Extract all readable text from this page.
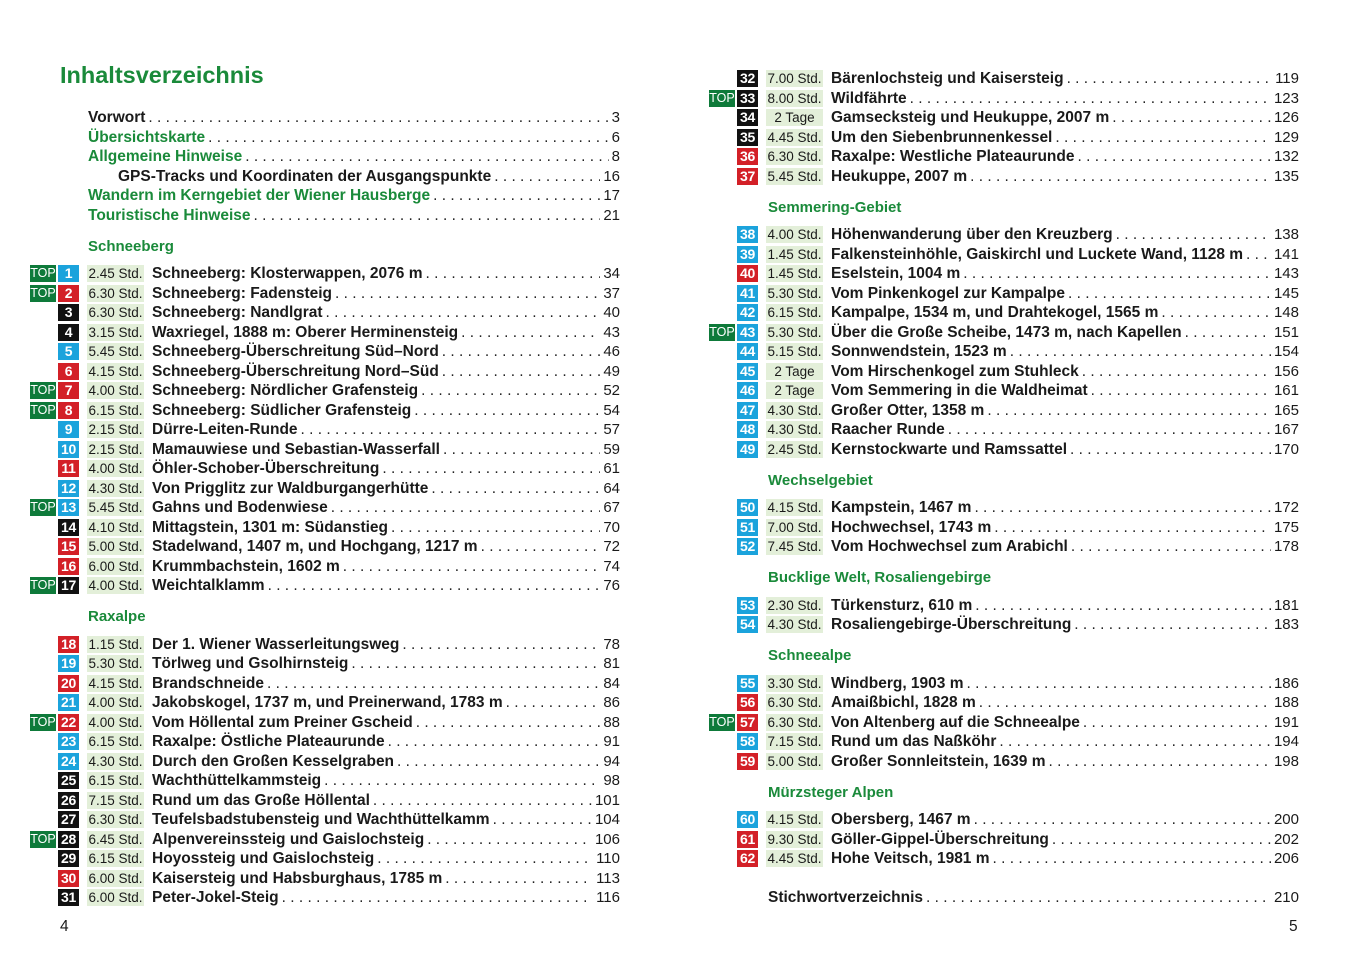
Inhaltsverzeichnis
Vorwort . . .	3
Übersichtskarte . . .	6
Allgemeine Hinweise . . .	8
GPS-Tracks und Koordinaten der Ausgangspunkte . . .	16
Wandern im Kerngebiet der Wiener Hausberge . . .	17
Touristische Hinweise . . .	21
Schneeberg
Raxalpe
TOP 1	2.45 Std. Schneeberg: Klosterwappen, 2076 m . . .	34
TOP 2	6.30 Std. Schneeberg: Fadensteig . . .	37
3	6.30 Std. Schneeberg: Nandlgrat . . .	40
4	3.15 Std. Waxriegel, 1888 m: Oberer Herminensteig . . .	43
5	5.45 Std. Schneeberg-Überschreitung Süd–Nord . . .	46
6	4.15 Std. Schneeberg-Überschreitung Nord–Süd . . .	49
TOP 7	4.00 Std. Schneeberg: Nördlicher Grafensteig . . .	52
TOP 8	6.15 Std. Schneeberg: Südlicher Grafensteig . . .	54
9	2.15 Std. Dürre-Leiten-Runde . . .	57
10 2.15 Std. Mamauwiese und Sebastian-Wasserfall . . .	59
11 4.00 Std. Öhler-Schober-Überschreitung . . .	61
12 4.30 Std. Von Prigglitz zur Waldburgangerhütte . . .	64
TOP 13 5.45 Std. Gahns und Bodenwiese . . .	67
14 4.10 Std. Mittagstein, 1301 m: Südanstieg . . .	70
15 5.00 Std. Stadelwand, 1407 m, und Hochgang, 1217 m . . .	72
16 6.00 Std. Krummbachstein, 1602 m . . .	74
TOP 17 4.00 Std. Weichtalklamm . . .	76
18 1.15 Std. Der 1. Wiener Wasserleitungsweg . . .	78
19 5.30 Std. Törlweg und Gsolhirnsteig . . .	81
20 4.15 Std. Brandschneide . . .	84
21 4.00 Std. Jakobskogel, 1737 m, und Preinerwand, 1783 m . . .	86
TOP 22 4.00 Std. Vom Höllental zum Preiner Gscheid . . .	88
23 6.15 Std. Raxalpe: Östliche Plateaurunde . . .	91
24 4.30 Std. Durch den Großen Kesselgraben . . .	94
25 6.15 Std. Wachthüttelkammsteig . . .	98
26 7.15 Std. Rund um das Große Höllental . . .	101
27 6.30 Std. Teufelsbadstubensteig und Wachthüttelkamm . . .	104
TOP 28 6.45 Std. Alpenvereinssteig und Gaislochsteig . . .	106
29 6.15 Std. Hoyossteig und Gaislochsteig . . .	110
30 6.00 Std. Kaisersteig und Habsburghaus, 1785 m . . .	113
31 6.00 Std. Peter-Jokel-Steig . . .	116
4	5
Semmering-Gebiet
Wechselgebiet
Bucklige Welt, Rosaliengebirge
Schneealpe
Mürzsteger Alpen
32 7.00 Std. Bärenlochsteig und Kaisersteig . . .	119
TOP 33 8.00 Std. Wildfährte . . .	123
34	2 Tage	Gamsecksteig und Heukuppe, 2007 m . . .	126
35 4.45 Std. Um den Siebenbrunnenkessel . . .	129
36 6.30 Std. Raxalpe: Westliche Plateaurunde . . .	132
37 5.45 Std. Heukuppe, 2007 m . . .	135
38 4.00 Std. Höhenwanderung über den Kreuzberg . . .	138
39 1.45 Std. Falkensteinhöhle, Gaiskirchl und Luckete Wand, 1128 m . . . 141
40 1.45 Std. Eselstein, 1004 m . . .	143
41 5.30 Std. Vom Pinkenkogel zur Kampalpe . . .	145
42 6.15 Std. Kampalpe, 1534 m, und Drahtekogel, 1565 m . . .	148
TOP 43 5.30 Std. Über die Große Scheibe, 1473 m, nach Kapellen . . .	151
44 5.15 Std. Sonnwendstein, 1523 m . . .	154
45	2 Tage	Vom Hirschenkogel zum Stuhleck . . .	156
46	2 Tage	Vom Semmering in die Waldheimat . . .	161
47 4.30 Std. Großer Otter, 1358 m . . .	165
48 4.30 Std. Raacher Runde . . .	167
49 2.45 Std. Kernstockwarte und Ramssattel . . .	170
50 4.15 Std. Kampstein, 1467 m . . .	172
51 7.00 Std. Hochwechsel, 1743 m . . .	175
52 7.45 Std. Vom Hochwechsel zum Arabichl . . .	178
53 2.30 Std. Türkensturz, 610 m . . .	181
54 4.30 Std. Rosaliengebirge-Überschreitung . . .	183
55 3.30 Std. Windberg, 1903 m . . .	186
56 6.30 Std. Amaißbichl, 1828 m . . .	188
TOP 57 6.30 Std. Von Altenberg auf die Schneealpe . . .	191
58 7.15 Std. Rund um das Naßköhr . . .	194
59 5.00 Std. Großer Sonnleitstein, 1639 m . . .	198
60 4.15 Std. Obersberg, 1467 m . . .	200
61 9.30 Std. Göller-Gippel-Überschreitung . . .	202
62 4.45 Std. Hohe Veitsch, 1981 m . . .	206
Stichwortverzeichnis . . .	210
